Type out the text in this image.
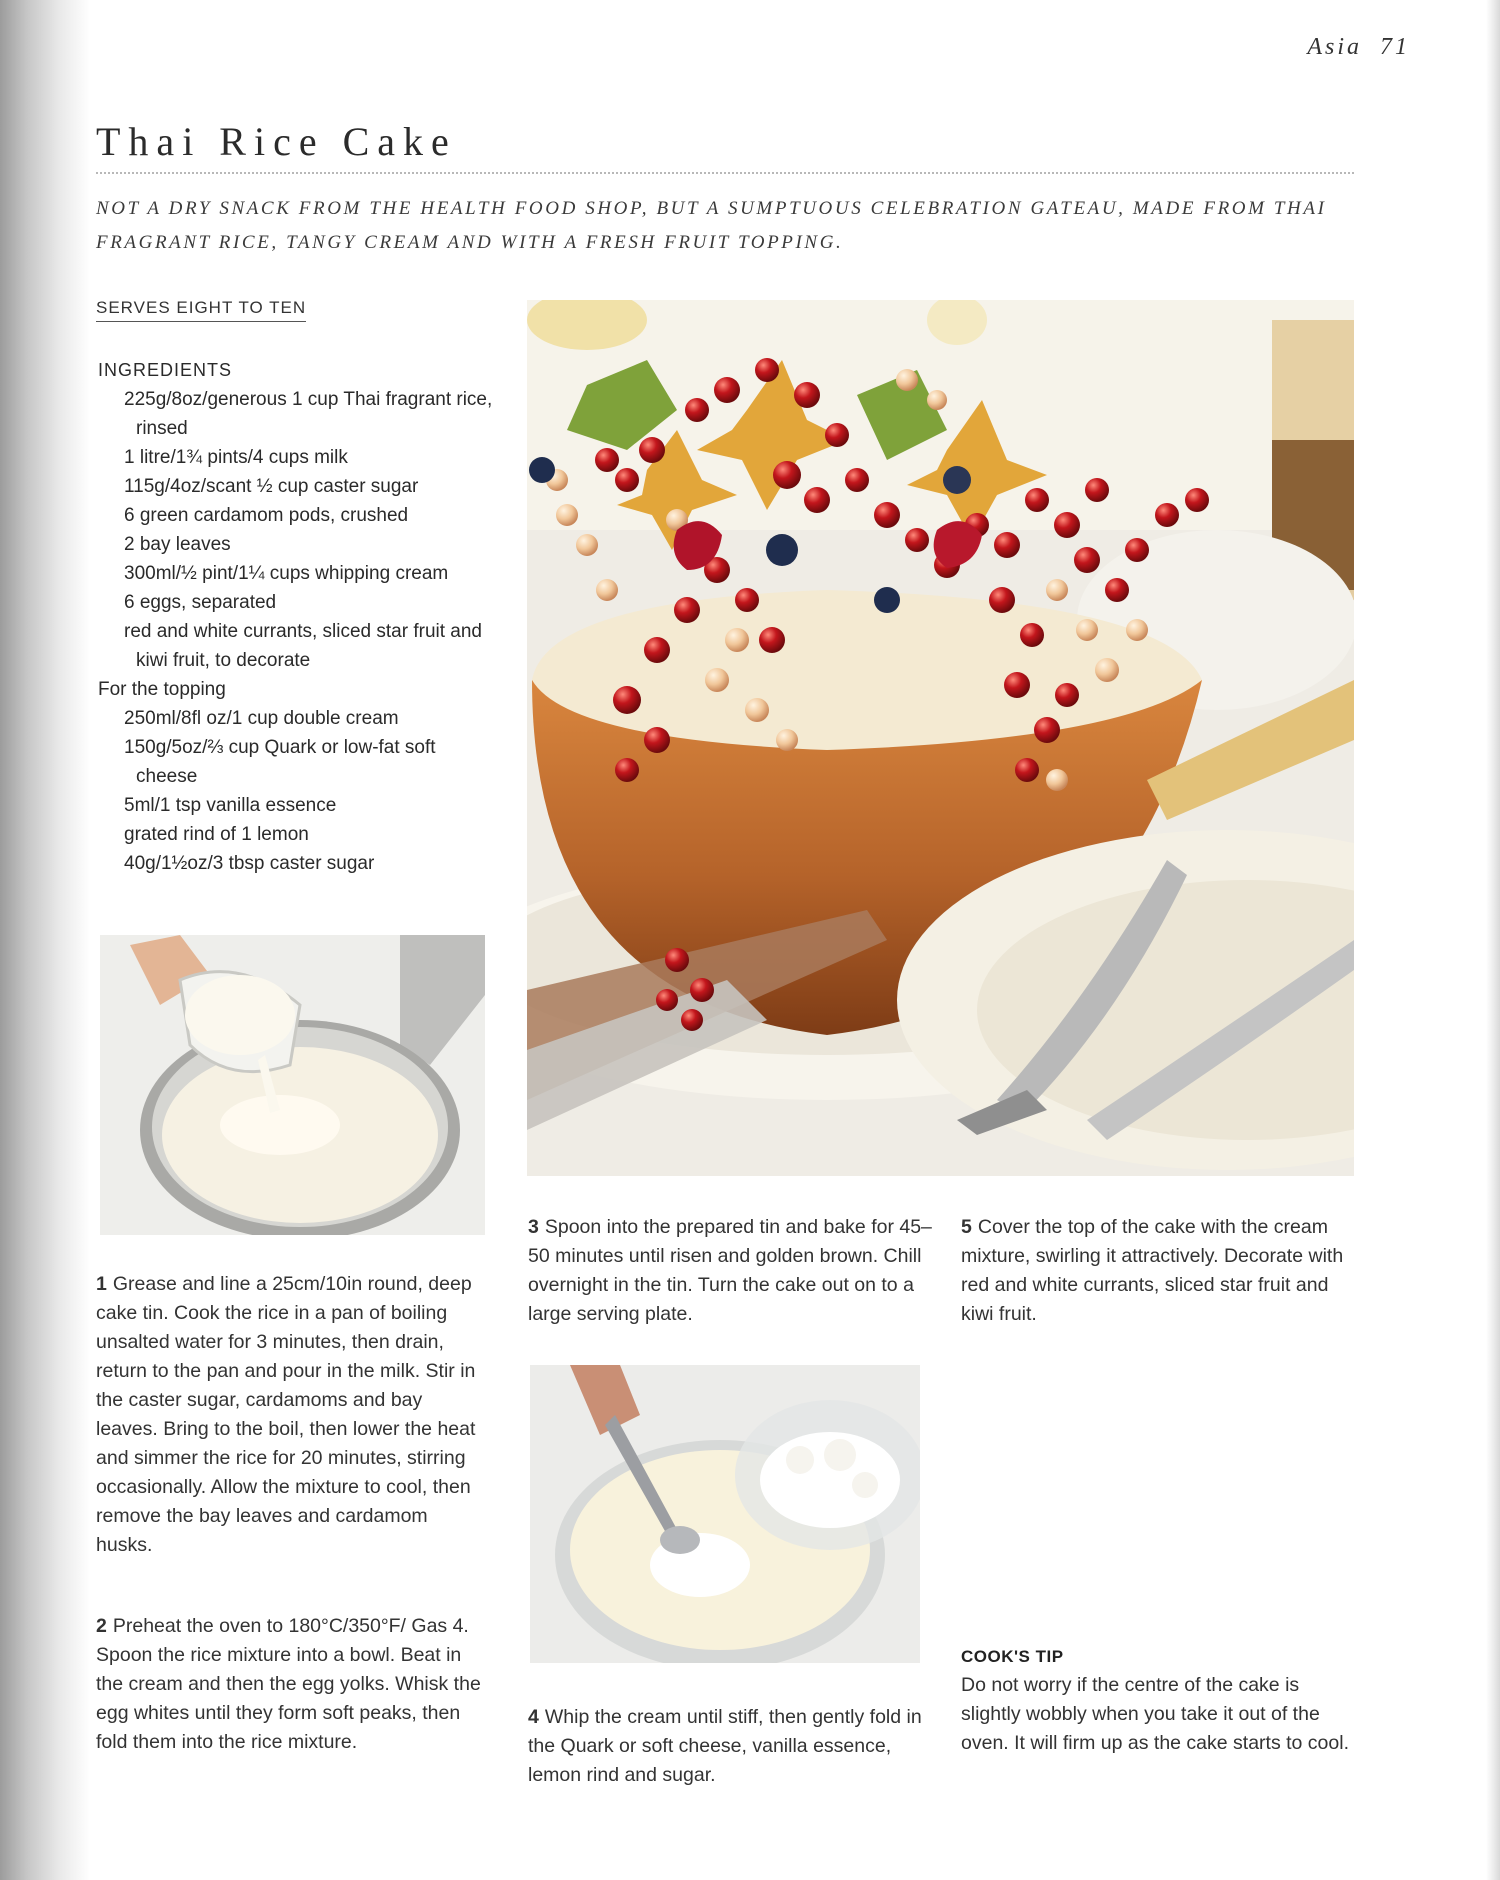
Asia 71
Thai Rice Cake

NOT A DRY SNACK FROM THE HEALTH FOOD SHOP, BUT A SUMPTUOUS CELEBRATION GATEAU, MADE FROM THAI FRAGRANT RICE, TANGY CREAM AND WITH A FRESH FRUIT TOPPING.

SERVES EIGHT TO TEN
INGREDIENTS
225g/8oz/generous 1 cup Thai fragrant rice, rinsed
1 litre/1¾ pints/4 cups milk
115g/4oz/scant ½ cup caster sugar
6 green cardamom pods, crushed
2 bay leaves
300ml/½ pint/1¼ cups whipping cream
6 eggs, separated
red and white currants, sliced star fruit and kiwi fruit, to decorate
For the topping
250ml/8fl oz/1 cup double cream
150g/5oz/⅔ cup Quark or low-fat soft cheese
5ml/1 tsp vanilla essence
grated rind of 1 lemon
40g/1½oz/3 tbsp caster sugar

1 Grease and line a 25cm/10in round, deep cake tin. Cook the rice in a pan of boiling unsalted water for 3 minutes, then drain, return to the pan and pour in the milk. Stir in the caster sugar, cardamoms and bay leaves. Bring to the boil, then lower the heat and simmer the rice for 20 minutes, stirring occasionally. Allow the mixture to cool, then remove the bay leaves and cardamom husks.

2 Preheat the oven to 180°C/350°F/ Gas 4. Spoon the rice mixture into a bowl. Beat in the cream and then the egg yolks. Whisk the egg whites until they form soft peaks, then fold them into the rice mixture.

3 Spoon into the prepared tin and bake for 45–50 minutes until risen and golden brown. Chill overnight in the tin. Turn the cake out on to a large serving plate.

4 Whip the cream until stiff, then gently fold in the Quark or soft cheese, vanilla essence, lemon rind and sugar.

5 Cover the top of the cake with the cream mixture, swirling it attractively. Decorate with red and white currants, sliced star fruit and kiwi fruit.

COOK'S TIP

Do not worry if the centre of the cake is slightly wobbly when you take it out of the oven. It will firm up as the cake starts to cool.
